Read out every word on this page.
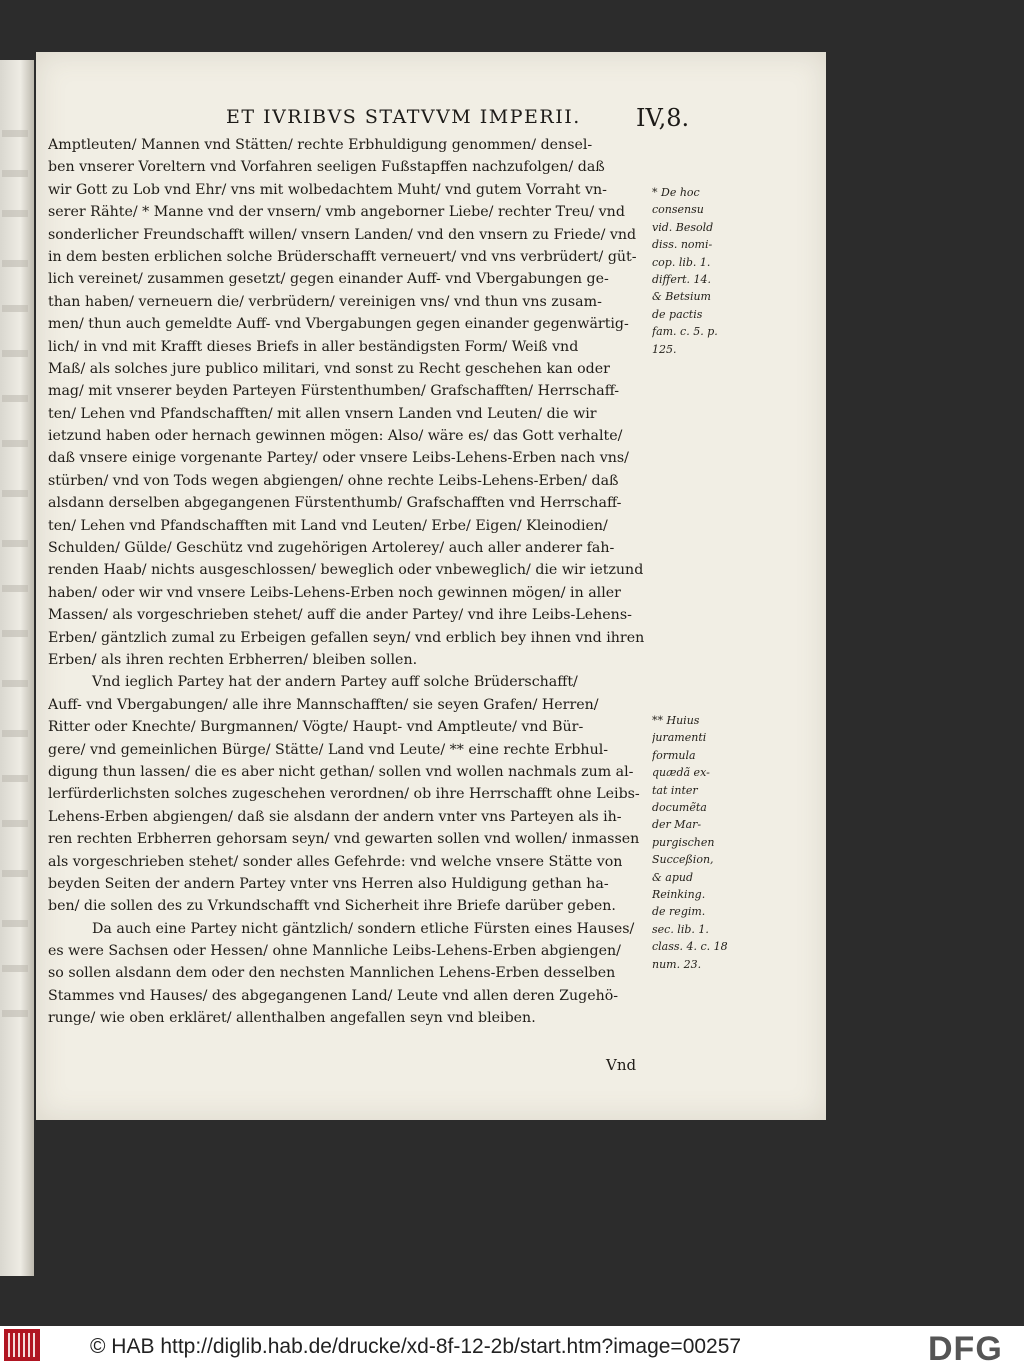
ET IVRIBVS STATVVM IMPERII.	IV,8.
Amptleuten/ Mannen vnd Stätten/ rechte Erbhuldigung genommen/ densel-
ben vnserer Voreltern vnd Vorfahren seeligen Fußstapffen nachzufolgen/ daß
wir Gott zu Lob vnd Ehr/ vns mit wolbedachtem Muht/ vnd gutem Vorraht vn-
serer Rähte/ * Manne vnd der vnsern/ vmb angeborner Liebe/ rechter Treu/ vnd
sonderlicher Freundschafft willen/ vnsern Landen/ vnd den vnsern zu Friede/ vnd
in dem besten erblichen solche Brüderschafft verneuert/ vnd vns verbrüdert/ güt-
lich vereinet/ zusammen gesetzt/ gegen einander Auff- vnd Vbergabungen ge-
than haben/ verneuern die/ verbrüdern/ vereinigen vns/ vnd thun vns zusam-
men/ thun auch gemeldte Auff- vnd Vbergabungen gegen einander gegenwärtig-
lich/ in vnd mit Krafft dieses Briefs in aller beständigsten Form/ Weiß vnd
Maß/ als solches jure publico militari, vnd sonst zu Recht geschehen kan oder
mag/ mit vnserer beyden Parteyen Fürstenthumben/ Grafschafften/ Herrschaff-
ten/ Lehen vnd Pfandschafften/ mit allen vnsern Landen vnd Leuten/ die wir
ietzund haben oder hernach gewinnen mögen: Also/ wäre es/ das Gott verhalte/
daß vnsere einige vorgenante Partey/ oder vnsere Leibs-Lehens-Erben nach vns/
stürben/ vnd von Tods wegen abgiengen/ ohne rechte Leibs-Lehens-Erben/ daß
alsdann derselben abgegangenen Fürstenthumb/ Grafschafften vnd Herrschaff-
ten/ Lehen vnd Pfandschafften mit Land vnd Leuten/ Erbe/ Eigen/ Kleinodien/
Schulden/ Gülde/ Geschütz vnd zugehörigen Artolerey/ auch aller anderer fah-
renden Haab/ nichts ausgeschlossen/ beweglich oder vnbeweglich/ die wir ietzund
haben/ oder wir vnd vnsere Leibs-Lehens-Erben noch gewinnen mögen/ in aller
Massen/ als vorgeschrieben stehet/ auff die ander Partey/ vnd ihre Leibs-Lehens-
Erben/ gäntzlich zumal zu Erbeigen gefallen seyn/ vnd erblich bey ihnen vnd ihren
Erben/ als ihren rechten Erbherren/ bleiben sollen.
Vnd ieglich Partey hat der andern Partey auff solche Brüderschafft/
Auff- vnd Vbergabungen/ alle ihre Mannschafften/ sie seyen Grafen/ Herren/
Ritter oder Knechte/ Burgmannen/ Vögte/ Haupt- vnd Amptleute/ vnd Bür-
gere/ vnd gemeinlichen Bürge/ Stätte/ Land vnd Leute/ ** eine rechte Erbhul-
digung thun lassen/ die es aber nicht gethan/ sollen vnd wollen nachmals zum al-
lerfürderlichsten solches zugeschehen verordnen/ ob ihre Herrschafft ohne Leibs-
Lehens-Erben abgiengen/ daß sie alsdann der andern vnter vns Parteyen als ih-
ren rechten Erbherren gehorsam seyn/ vnd gewarten sollen vnd wollen/ inmassen
als vorgeschrieben stehet/ sonder alles Gefehrde: vnd welche vnsere Stätte von
beyden Seiten der andern Partey vnter vns Herren also Huldigung gethan ha-
ben/ die sollen des zu Vrkundschafft vnd Sicherheit ihre Briefe darüber geben.
Da auch eine Partey nicht gäntzlich/ sondern etliche Fürsten eines Hauses/
es were Sachsen oder Hessen/ ohne Mannliche Leibs-Lehens-Erben abgiengen/
so sollen alsdann dem oder den nechsten Mannlichen Lehens-Erben desselben
Stammes vnd Hauses/ des abgegangenen Land/ Leute vnd allen deren Zugehö-
runge/ wie oben erkläret/ allenthalben angefallen seyn vnd bleiben.
* De hoc
consensu
vid. Besold
diss. nomi-
cop. lib. 1.
differt. 14.
& Betsium
de pactis
fam. c. 5. p.
125.
** Huius
juramenti
formula
quædã ex-
tat inter
documẽta
der Mar-
purgischen
Succeßion,
& apud
Reinking.
de regim.
sec. lib. 1.
class. 4. c. 18
num. 23.
Vnd
© HAB http://diglib.hab.de/drucke/xd-8f-12-2b/start.htm?image=00257	DFG
